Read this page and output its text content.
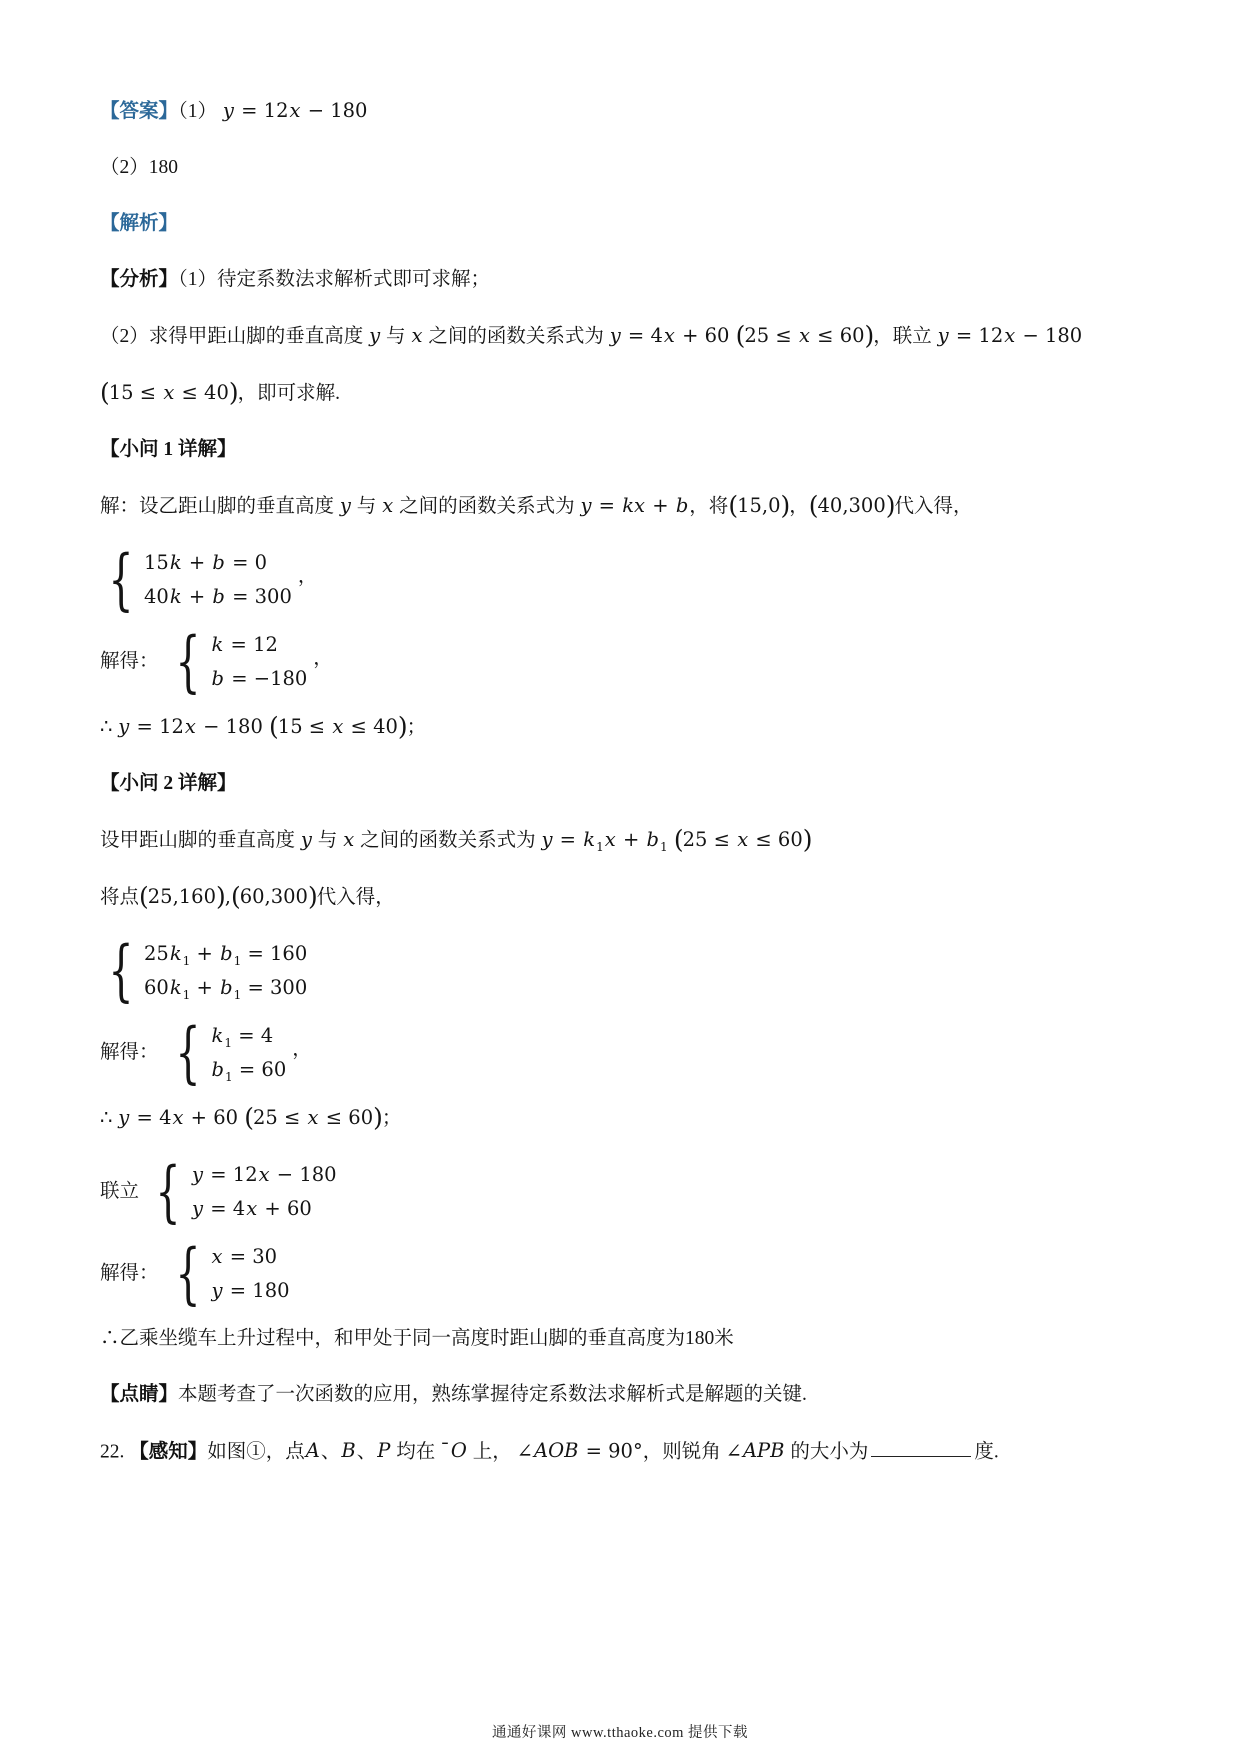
【答案】（1） y = 12x − 180

（2）180

【解析】

【分析】（1）待定系数法求解析式即可求解；

（2）求得甲距山脚的垂直高度 y 与 x 之间的函数关系式为 y = 4x + 60 (25 ≤ x ≤ 60)，联立 y = 12x − 180

(15 ≤ x ≤ 40)，即可求解.

【小问 1 详解】

解：设乙距山脚的垂直高度 y 与 x 之间的函数关系式为 y = kx + b，将(15,0)，(40,300)代入得，

{ 15k + b = 0
40k + b = 300
，
解得： { k = 12
b = −180
，

∴ y = 12x − 180 (15 ≤ x ≤ 40)；

【小问 2 详解】

设甲距山脚的垂直高度 y 与 x 之间的函数关系式为 $y = k_1x + b_1$ (25 ≤ x ≤ 60)

将点(25,160),(60,300)代入得，

{ $25k_1 + b_1 = 160$
$60k_1 + b_1 = 300$
解得： { $k_1 = 4$
$b_1 = 60$
，

∴ y = 4x + 60 (25 ≤ x ≤ 60)；

联立 { y = 12x − 180
y = 4x + 60
解得： { x = 30
y = 180

∴乙乘坐缆车上升过程中，和甲处于同一高度时距山脚的垂直高度为180米

【点睛】本题考查了一次函数的应用，熟练掌握待定系数法求解析式是解题的关键.

22. 【感知】如图①，点A、B、P 均在 ¯O 上， ∠AOB = 90°，则锐角 ∠APB 的大小为	度.

通通好课网 www.tthaoke.com 提供下载
